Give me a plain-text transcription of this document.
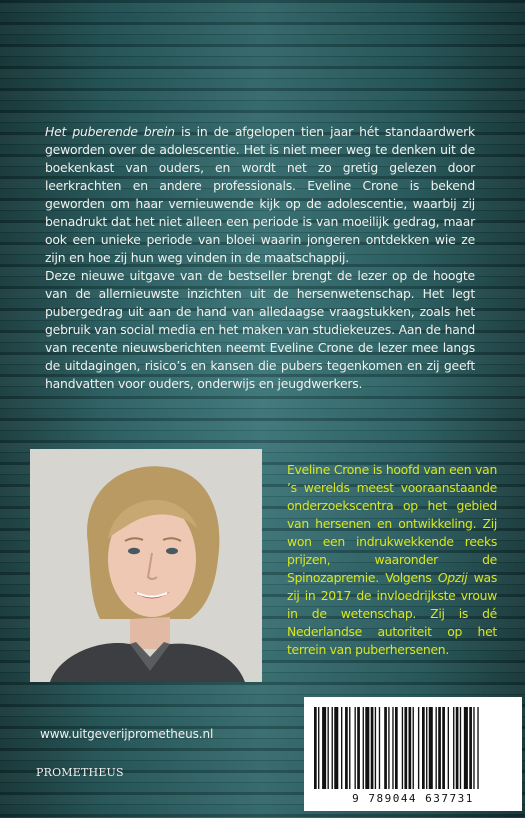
Het puberende brein is in de afgelopen tien jaar hét standaardwerk geworden over de adolescentie. Het is niet meer weg te denken uit de boekenkast van ouders, en wordt net zo gretig gelezen door leerkrachten en andere professionals. Eveline Crone is bekend geworden om haar vernieuwende kijk op de adolescentie, waarbij zij benadrukt dat het niet alleen een periode is van moeilijk gedrag, maar ook een unieke periode van bloei waarin jongeren ontdekken wie ze zijn en hoe zij hun weg vinden in de maatschappij.

Deze nieuwe uitgave van de bestseller brengt de lezer op de hoogte van de allernieuwste inzichten uit de hersenwetenschap. Het legt pubergedrag uit aan de hand van alledaagse vraagstukken, zoals het gebruik van social media en het maken van studiekeuzes. Aan de hand van recente nieuwsberichten neemt Eveline Crone de lezer mee langs de uitdagingen, risico’s en kansen die pubers tegenkomen en zij geeft handvatten voor ouders, onderwijs en jeugdwerkers.

Eveline Crone is hoofd van een van ’s werelds meest vooraanstaande onderzoekscentra op het gebied van hersenen en ontwikkeling. Zij won een indrukwekkende reeks prijzen, waaronder de Spinozapremie. Volgens Opzij was zij in 2017 de invloedrijkste vrouw in de wetenschap. Zij is dé Nederlandse autoriteit op het terrein van puberhersenen.

www.uitgeverijprometheus.nl
PROMETHEUS
9 789044 637731
